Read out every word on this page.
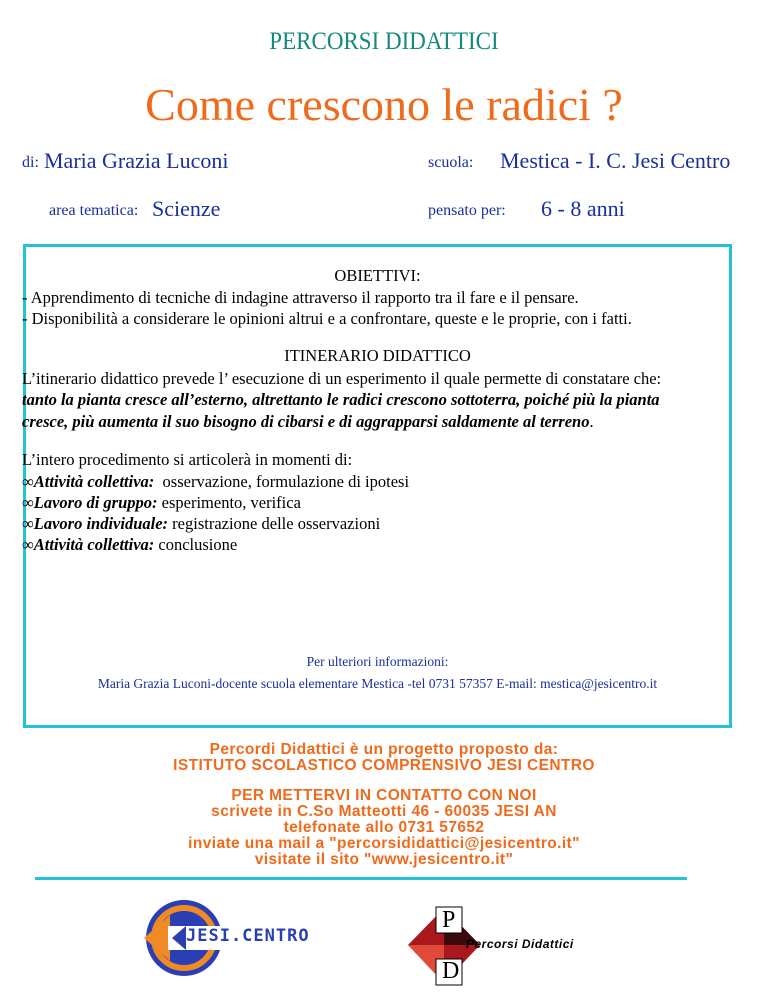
PERCORSI DIDATTICI
Come crescono le radici ?
di: Maria Grazia Luconi	scuola: Mestica - I. C. Jesi Centro
area tematica: Scienze	pensato per: 6 - 8 anni
OBIETTIVI:
- Apprendimento di tecniche di indagine attraverso il rapporto tra il fare e il pensare.
- Disponibilità a considerare le opinioni altrui e a confrontare, queste e le proprie, con i fatti.
ITINERARIO DIDATTICO
L’itinerario didattico prevede l’ esecuzione di un esperimento il quale permette di constatare che:
tanto la pianta cresce all’esterno, altrettanto le radici crescono sottoterra, poiché più la pianta
cresce, più aumenta il suo bisogno di cibarsi e di aggrapparsi saldamente al terreno.
L’intero procedimento si articolerà in momenti di:
∞Attività collettiva:  osservazione, formulazione di ipotesi
∞Lavoro di gruppo: esperimento, verifica
∞Lavoro individuale: registrazione delle osservazioni
∞Attività collettiva: conclusione
Per ulteriori informazioni:
Maria Grazia Luconi-docente scuola elementare Mestica -tel 0731 57357 E-mail: mestica@jesicentro.it
Percordi Didattici è un progetto proposto da:
ISTITUTO SCOLASTICO COMPRENSIVO JESI CENTRO
PER METTERVI IN CONTATTO CON NOI
scrivete in C.So Matteotti 46 - 60035 JESI AN
telefonate allo 0731 57652
inviate una mail a "percorsididattici@jesicentro.it"
visitate il sito "www.jesicentro.it"
JESI.CENTRO
P
D
Percorsi Didattici
